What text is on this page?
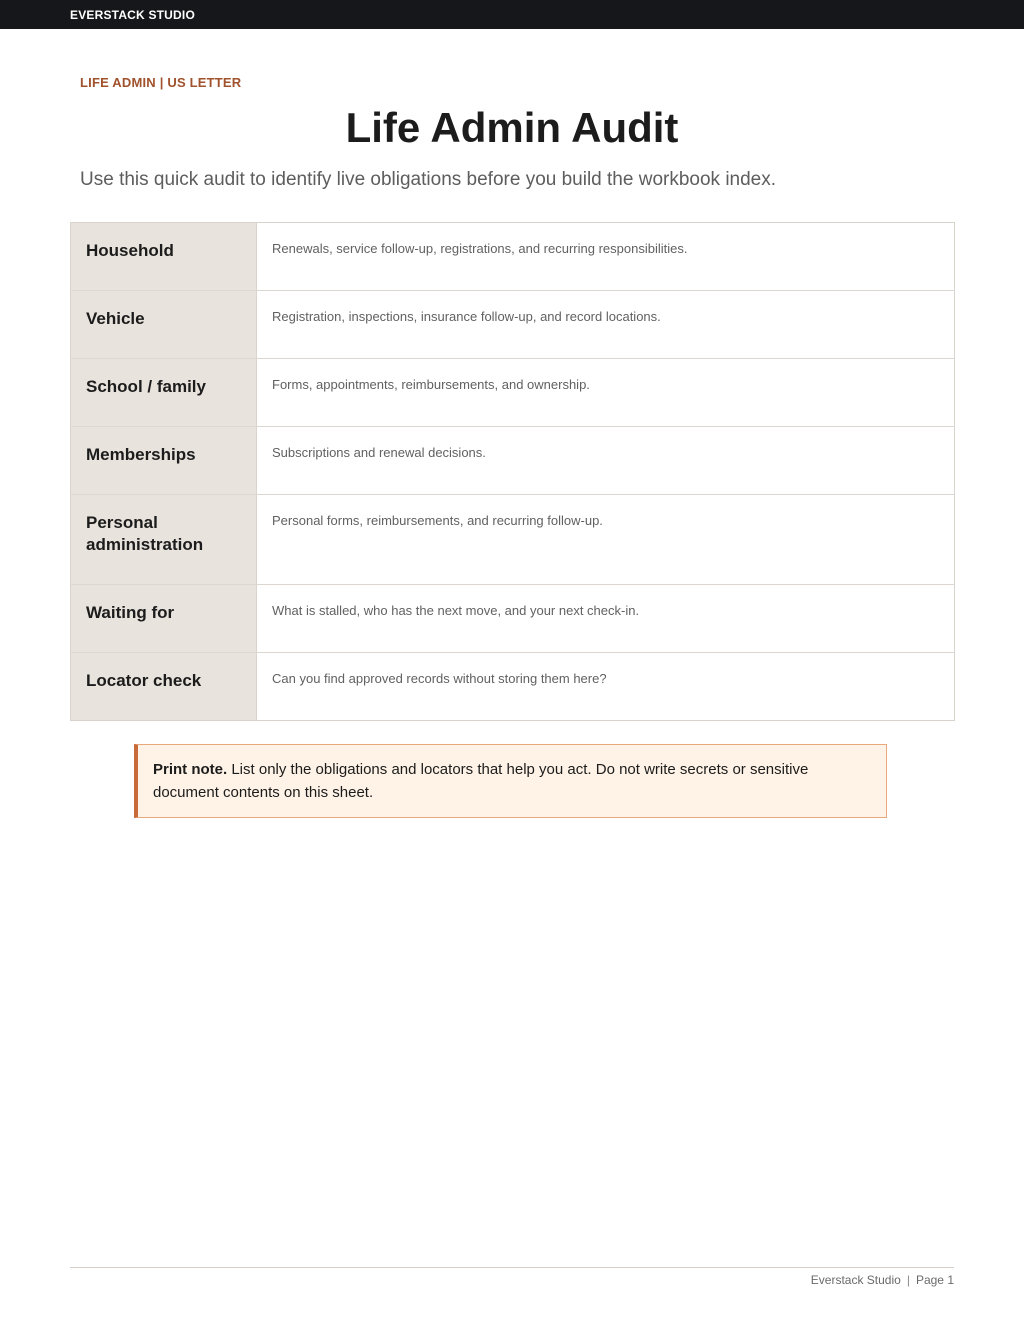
EVERSTACK STUDIO
LIFE ADMIN | US LETTER
Life Admin Audit

Use this quick audit to identify live obligations before you build the workbook index.

Household	Renewals, service follow-up, registrations, and recurring responsibilities.
Vehicle	Registration, inspections, insurance follow-up, and record locations.
School / family	Forms, appointments, reimbursements, and ownership.
Memberships	Subscriptions and renewal decisions.
Personal administration	Personal forms, reimbursements, and recurring follow-up.
Waiting for	What is stalled, who has the next move, and your next check-in.
Locator check	Can you find approved records without storing them here?
Print note. List only the obligations and locators that help you act. Do not write secrets or sensitive document contents on this sheet.
Everstack Studio | Page 1
